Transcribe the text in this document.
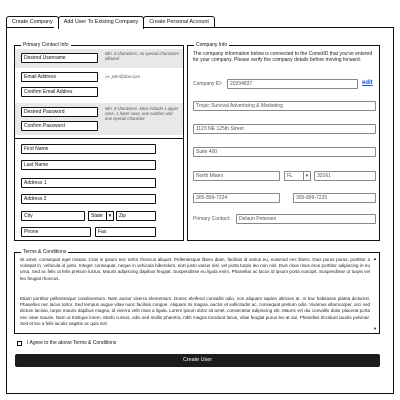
Create Company	Add User To Existing Company	Create Personal Account
Primary Contact Info
Desired Username
Min. 6 characters, no special characters allowed
Email Address	i.e. john@doe.com
Confirm Email Addres
Desired Password
Confirm Password
Min. 8 characters. Must include 1 upper case, 1 lower case, one number and one special character
First Name
Last Name
Address 1
Address 2
City	State	▼	Zip
Phone	Fax
Company Info
The company information below is connected to the CometID that you've entered for your company. Please verify the company details before moving forward.
Company ID:	20394837	edit
Tropic Survival Advertising & Marketing
1123 NE 125th Street
Suite 400
North Miami	FL	▼	33161
305-899-7224	305-899-7225
Primary Contact:	Delaun Petersen
Terms & Conditions
sit amet, consequat eget massa. Cras in ipsum nec tortor rhoncus aliquet. Pellentesque libero diam, facilisis id varius eu, euismod nec libero. Duis purus purus, porttitor a volutpat in, vehicula id justo. Integer consequat, neque in vehicula bibendum, erat justo varius nisl, vel porta turpis leo non nisl. Duis risus risus eros porttitor adipiscing in eu urna. Sed ac felis ut felis pretium luctus. Mauris adipiscing dapibus feugiat. Suspendisse eu ligula enim. Phasellus ac lacus id ipsum porta suscipit. Suspendisse ut turpis vel leo feugiat rhoncus.
Etiam porttitor pellentesque condimentum. Nam auctor viverra elementum. Donec eleifend convallis odio, non aliquam sapien ultricies at. In hac habitasse platea dictumst. Phasellus nec lacus tortor. Sed tempus augue vitae nunc facilisis congue. Aliquam mi magna, auctor et sollicitudin ac, consequat pretium odio. Vivamus ullamcorper, orci sed dictum lacinia, turpis mauris dapibus magna, id viverra velit risus a ligula. Lorem ipsum dolor sit amet, consectetur adipiscing elit. Mauris vel dui convallis dolor placerat porta nec vitae mauris. Nam ut tristique lorem. Morbi cursus, odio sed mollis pharetra, nibh magna tincidunt lacus, vitae feugiat purus leo at dui. Phasellus tincidunt iaculis pulvinar. Sed et leo a felis iaculis sagittis ac quis nisl.
▲
▼
I Agree to the above Terms & Conditions
Create User
